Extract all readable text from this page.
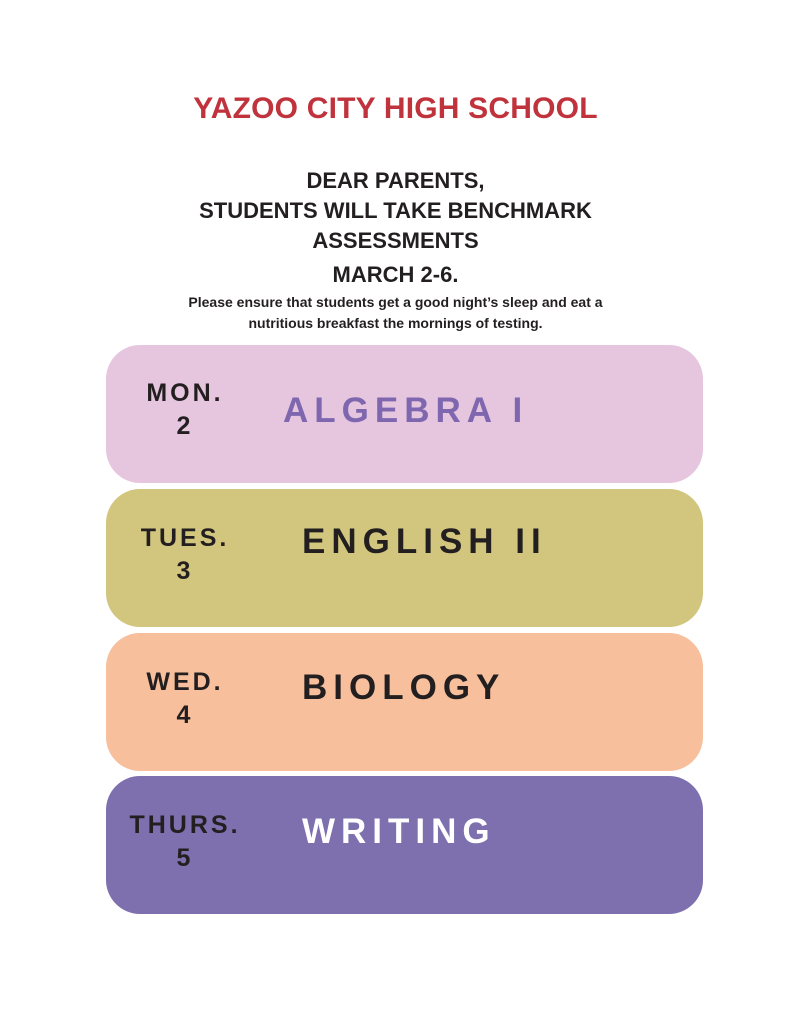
YAZOO CITY HIGH SCHOOL
DEAR PARENTS,
STUDENTS WILL TAKE BENCHMARK
ASSESSMENTS
MARCH 2-6.
Please ensure that students get a good night’s sleep and eat a
nutritious breakfast the mornings of testing.
MON.
2	ALGEBRA I
TUES.
3
ENGLISH II
WED.
4
BIOLOGY
THURS.
5
WRITING
